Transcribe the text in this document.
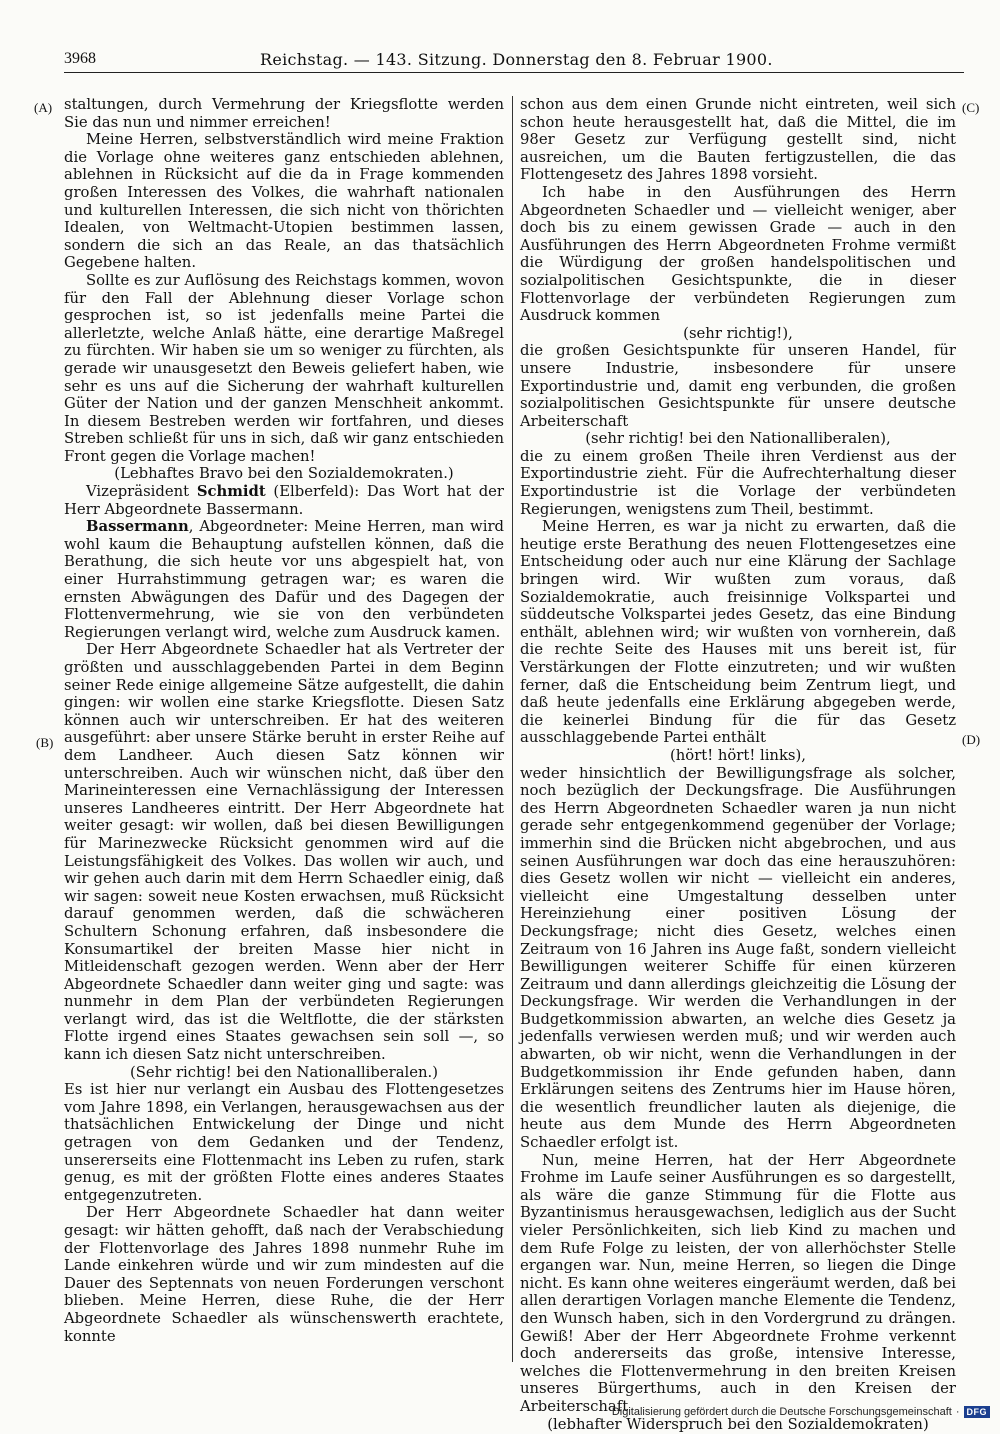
3968	Reichstag. — 143. Sitzung. Donnerstag den 8. Februar 1900.
(A)
(B)
(C)
(D)

staltungen, durch Vermehrung der Kriegsflotte werden Sie das nun und nimmer erreichen!

Meine Herren, selbstverständlich wird meine Fraktion die Vorlage ohne weiteres ganz entschieden ablehnen, ablehnen in Rücksicht auf die da in Frage kommenden großen Interessen des Volkes, die wahrhaft nationalen und kulturellen Interessen, die sich nicht von thörichten Idealen, von Weltmacht-Utopien bestimmen lassen, sondern die sich an das Reale, an das thatsächlich Gegebene halten.

Sollte es zur Auflösung des Reichstags kommen, wovon für den Fall der Ablehnung dieser Vorlage schon gesprochen ist, so ist jedenfalls meine Partei die allerletzte, welche Anlaß hätte, eine derartige Maßregel zu fürchten. Wir haben sie um so weniger zu fürchten, als gerade wir unausgesetzt den Beweis geliefert haben, wie sehr es uns auf die Sicherung der wahrhaft kulturellen Güter der Nation und der ganzen Menschheit ankommt. In diesem Bestreben werden wir fortfahren, und dieses Streben schließt für uns in sich, daß wir ganz entschieden Front gegen die Vorlage machen!

(Lebhaftes Bravo bei den Sozialdemokraten.)

Vizepräsident Schmidt (Elberfeld): Das Wort hat der Herr Abgeordnete Bassermann.

Bassermann, Abgeordneter: Meine Herren, man wird wohl kaum die Behauptung aufstellen können, daß die Berathung, die sich heute vor uns abgespielt hat, von einer Hurrahstimmung getragen war; es waren die ernsten Abwägungen des Dafür und des Dagegen der Flottenvermehrung, wie sie von den verbündeten Regierungen verlangt wird, welche zum Ausdruck kamen.

Der Herr Abgeordnete Schaedler hat als Vertreter der größten und ausschlaggebenden Partei in dem Beginn seiner Rede einige allgemeine Sätze aufgestellt, die dahin gingen: wir wollen eine starke Kriegsflotte. Diesen Satz können auch wir unterschreiben. Er hat des weiteren ausgeführt: aber unsere Stärke beruht in erster Reihe auf dem Landheer. Auch diesen Satz können wir unterschreiben. Auch wir wünschen nicht, daß über den Marineinteressen eine Vernachlässigung der Interessen unseres Landheeres eintritt. Der Herr Abgeordnete hat weiter gesagt: wir wollen, daß bei diesen Bewilligungen für Marinezwecke Rücksicht genommen wird auf die Leistungsfähigkeit des Volkes. Das wollen wir auch, und wir gehen auch darin mit dem Herrn Schaedler einig, daß wir sagen: soweit neue Kosten erwachsen, muß Rücksicht darauf genommen werden, daß die schwächeren Schultern Schonung erfahren, daß insbesondere die Konsumartikel der breiten Masse hier nicht in Mitleidenschaft gezogen werden. Wenn aber der Herr Abgeordnete Schaedler dann weiter ging und sagte: was nunmehr in dem Plan der verbündeten Regierungen verlangt wird, das ist die Weltflotte, die der stärksten Flotte irgend eines Staates gewachsen sein soll —, so kann ich diesen Satz nicht unterschreiben.

(Sehr richtig! bei den Nationalliberalen.)

Es ist hier nur verlangt ein Ausbau des Flottengesetzes vom Jahre 1898, ein Verlangen, herausgewachsen aus der thatsächlichen Entwickelung der Dinge und nicht getragen von dem Gedanken und der Tendenz, unsererseits eine Flottenmacht ins Leben zu rufen, stark genug, es mit der größten Flotte eines anderes Staates entgegenzutreten.

Der Herr Abgeordnete Schaedler hat dann weiter gesagt: wir hätten gehofft, daß nach der Verabschiedung der Flottenvorlage des Jahres 1898 nunmehr Ruhe im Lande einkehren würde und wir zum mindesten auf die Dauer des Septennats von neuen Forderungen verschont blieben. Meine Herren, diese Ruhe, die der Herr Abgeordnete Schaedler als wünschenswerth erachtete, konnte

schon aus dem einen Grunde nicht eintreten, weil sich schon heute herausgestellt hat, daß die Mittel, die im 98er Gesetz zur Verfügung gestellt sind, nicht ausreichen, um die Bauten fertigzustellen, die das Flottengesetz des Jahres 1898 vorsieht.

Ich habe in den Ausführungen des Herrn Abgeordneten Schaedler und — vielleicht weniger, aber doch bis zu einem gewissen Grade — auch in den Ausführungen des Herrn Abgeordneten Frohme vermißt die Würdigung der großen handelspolitischen und sozialpolitischen Gesichtspunkte, die in dieser Flottenvorlage der verbündeten Regierungen zum Ausdruck kommen

(sehr richtig!),

die großen Gesichtspunkte für unseren Handel, für unsere Industrie, insbesondere für unsere Exportindustrie und, damit eng verbunden, die großen sozialpolitischen Gesichtspunkte für unsere deutsche Arbeiterschaft

(sehr richtig! bei den Nationalliberalen),

die zu einem großen Theile ihren Verdienst aus der Exportindustrie zieht. Für die Aufrechterhaltung dieser Exportindustrie ist die Vorlage der verbündeten Regierungen, wenigstens zum Theil, bestimmt.

Meine Herren, es war ja nicht zu erwarten, daß die heutige erste Berathung des neuen Flottengesetzes eine Entscheidung oder auch nur eine Klärung der Sachlage bringen wird. Wir wußten zum voraus, daß Sozialdemokratie, auch freisinnige Volkspartei und süddeutsche Volkspartei jedes Gesetz, das eine Bindung enthält, ablehnen wird; wir wußten von vornherein, daß die rechte Seite des Hauses mit uns bereit ist, für Verstärkungen der Flotte einzutreten; und wir wußten ferner, daß die Entscheidung beim Zentrum liegt, und daß heute jedenfalls eine Erklärung abgegeben werde, die keinerlei Bindung für die für das Gesetz ausschlaggebende Partei enthält

(hört! hört! links),

weder hinsichtlich der Bewilligungsfrage als solcher, noch bezüglich der Deckungsfrage. Die Ausführungen des Herrn Abgeordneten Schaedler waren ja nun nicht gerade sehr entgegenkommend gegenüber der Vorlage; immerhin sind die Brücken nicht abgebrochen, und aus seinen Ausführungen war doch das eine herauszuhören: dies Gesetz wollen wir nicht — vielleicht ein anderes, vielleicht eine Umgestaltung desselben unter Hereinziehung einer positiven Lösung der Deckungsfrage; nicht dies Gesetz, welches einen Zeitraum von 16 Jahren ins Auge faßt, sondern vielleicht Bewilligungen weiterer Schiffe für einen kürzeren Zeitraum und dann allerdings gleichzeitig die Lösung der Deckungsfrage. Wir werden die Verhandlungen in der Budgetkommission abwarten, an welche dies Gesetz ja jedenfalls verwiesen werden muß; und wir werden auch abwarten, ob wir nicht, wenn die Verhandlungen in der Budgetkommission ihr Ende gefunden haben, dann Erklärungen seitens des Zentrums hier im Hause hören, die wesentlich freundlicher lauten als diejenige, die heute aus dem Munde des Herrn Abgeordneten Schaedler erfolgt ist.

Nun, meine Herren, hat der Herr Abgeordnete Frohme im Laufe seiner Ausführungen es so dargestellt, als wäre die ganze Stimmung für die Flotte aus Byzantinismus herausgewachsen, lediglich aus der Sucht vieler Persönlichkeiten, sich lieb Kind zu machen und dem Rufe Folge zu leisten, der von allerhöchster Stelle ergangen war. Nun, meine Herren, so liegen die Dinge nicht. Es kann ohne weiteres eingeräumt werden, daß bei allen derartigen Vorlagen manche Elemente die Tendenz, den Wunsch haben, sich in den Vordergrund zu drängen. Gewiß! Aber der Herr Abgeordnete Frohme verkennt doch andererseits das große, intensive Interesse, welches die Flottenvermehrung in den breiten Kreisen unseres Bürgerthums, auch in den Kreisen der Arbeiterschaft

(lebhafter Widerspruch bei den Sozialdemokraten)

Digitalisierung gefördert durch die Deutsche Forschungsgemeinschaft · DFG
